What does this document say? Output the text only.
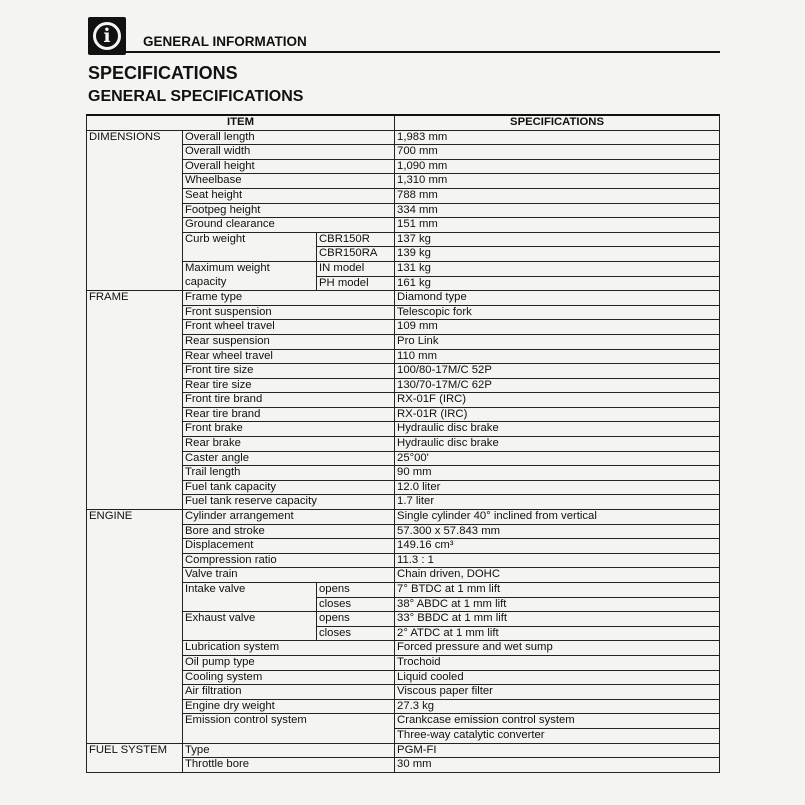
i	GENERAL INFORMATION
SPECIFICATIONS
GENERAL SPECIFICATIONS
ITEM			SPECIFICATIONS
DIMENSIONS	Overall length		1,983 mm
	Overall width		700 mm
	Overall height		1,090 mm
	Wheelbase		1,310 mm
	Seat height		788 mm
	Footpeg height		334 mm
	Ground clearance		151 mm
	Curb weight	CBR150R	137 kg
		CBR150RA	139 kg
	Maximum weight
capacity	IN model	131 kg
		PH model	161 kg
FRAME	Frame type		Diamond type
	Front suspension		Telescopic fork
	Front wheel travel		109 mm
	Rear suspension		Pro Link
	Rear wheel travel		110 mm
	Front tire size		100/80-17M/C 52P
	Rear tire size		130/70-17M/C 62P
	Front tire brand		RX-01F (IRC)
	Rear tire brand		RX-01R (IRC)
	Front brake		Hydraulic disc brake
	Rear brake		Hydraulic disc brake
	Caster angle		25°00'
	Trail length		90 mm
	Fuel tank capacity		12.0 liter
	Fuel tank reserve capacity		1.7 liter
ENGINE	Cylinder arrangement		Single cylinder 40° inclined from vertical
	Bore and stroke		57.300 x 57.843 mm
	Displacement		149.16 cm³
	Compression ratio		11.3 : 1
	Valve train		Chain driven, DOHC
	Intake valve	opens	7° BTDC at 1 mm lift
		closes	38° ABDC at 1 mm lift
	Exhaust valve	opens	33° BBDC at 1 mm lift
		closes	2° ATDC at 1 mm lift
	Lubrication system		Forced pressure and wet sump
	Oil pump type		Trochoid
	Cooling system		Liquid cooled
	Air filtration		Viscous paper filter
	Engine dry weight		27.3 kg
	Emission control system		Crankcase emission control system
			Three-way catalytic converter
FUEL SYSTEM	Type		PGM-FI
	Throttle bore		30 mm
